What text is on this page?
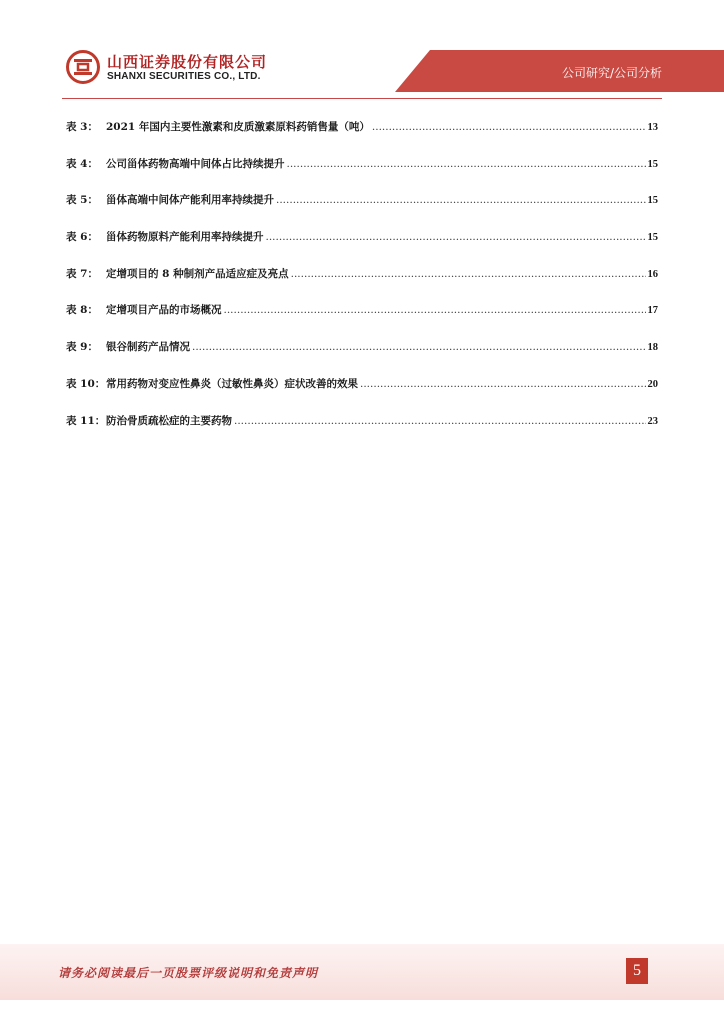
山西证券股份有限公司
SHANXI SECURITIES CO., LTD.	公司研究/公司分析
表 3： 2021 年国内主要性激素和皮质激素原料药销售量（吨） .....	13
表 4： 公司甾体药物高端中间体占比持续提升 .....	15
表 5： 甾体高端中间体产能利用率持续提升 .....	15
表 6： 甾体药物原料产能利用率持续提升 .....	15
表 7： 定增项目的 8 种制剂产品适应症及亮点 .....	16
表 8： 定增项目产品的市场概况 .....	17
表 9： 银谷制药产品情况 .....	18
表 10： 常用药物对变应性鼻炎（过敏性鼻炎）症状改善的效果 .....	20
表 11： 防治骨质疏松症的主要药物 .....	23
请务必阅读最后一页股票评级说明和免责声明	5
